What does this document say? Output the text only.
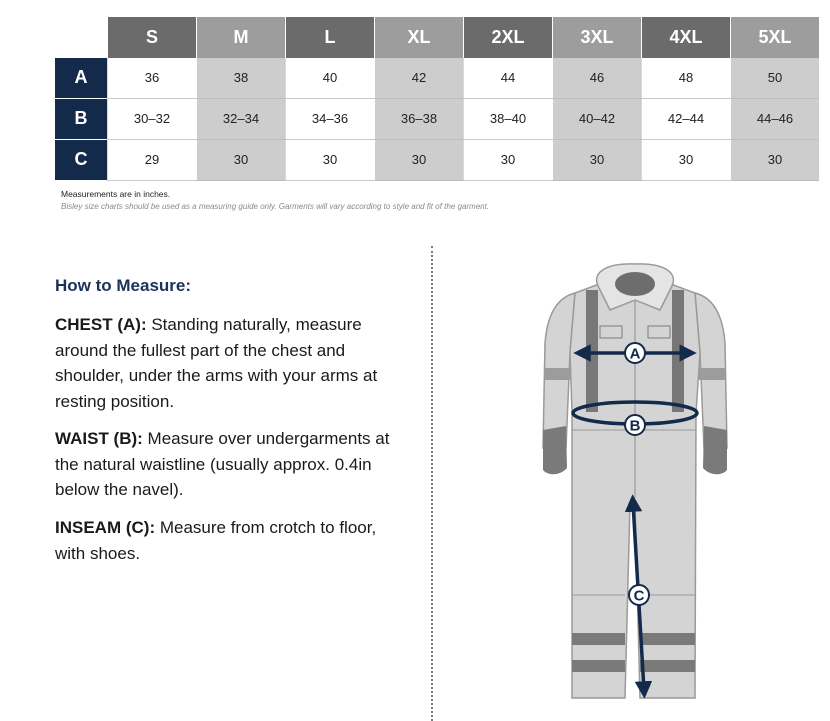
	S	M	L	XL	2XL	3XL	4XL	5XL
A	36	38	40	42	44	46	48	50
B	30–32	32–34	34–36	36–38	38–40	40–42	42–44	44–46
C	29	30	30	30	30	30	30	30
Measurements are in inches.
Bisley size charts should be used as a measuring guide only. Garments will vary according to style and fit of the garment.
How to Measure:
CHEST (A): Standing naturally, measure around the fullest part of the chest and shoulder, under the arms with your arms at resting position.
WAIST (B): Measure over undergarments at the natural waistline (usually approx. 0.4in below the navel).
INSEAM (C): Measure from crotch to floor, with shoes.
A
B
C
